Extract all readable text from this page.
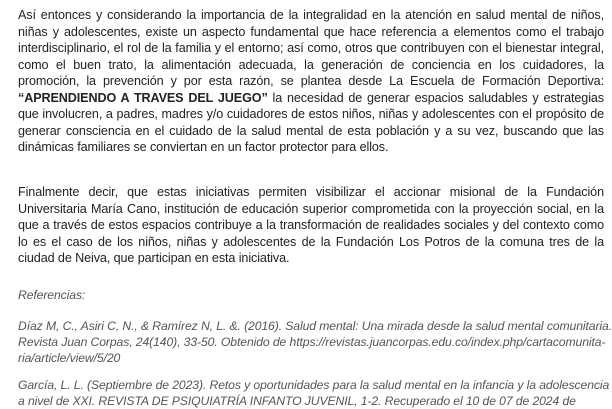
Así entonces y considerando la importancia de la integralidad en la atención en salud mental de niños, niñas y adolescentes, existe un aspecto fundamental que hace referencia a elementos como el trabajo interdisciplinario, el rol de la familia y el entorno; así como, otros que contribuyen con el bienestar integral, como el buen trato, la alimentación adecuada, la generación de conciencia en los cuidadores, la promoción, la prevención y por esta razón, se plantea desde La Escuela de Formación Deportiva: “APRENDIENDO A TRAVES DEL JUEGO” la necesidad de generar espacios saludables y estrategias que involucren, a padres, madres y/o cuidadores de estos niños, niñas y adolescentes con el propósito de generar consciencia en el cuidado de la salud mental de esta población y a su vez, buscando que las dinámicas familiares se conviertan en un factor protector para ellos.

Finalmente decir, que estas iniciativas permiten visibilizar el accionar misional de la Fundación Universitaria María Cano, institución de educación superior comprometida con la proyección social, en la que a través de estos espacios contribuye a la transformación de realidades sociales y del contexto como lo es el caso de los niños, niñas y adolescentes de la Fundación Los Potros de la comuna tres de la ciudad de Neiva, que participan en esta iniciativa.

Referencias:

Díaz M, C., Asiri C, N., & Ramírez N, L. &. (2016). Salud mental: Una mirada desde la salud mental comunitaria.
Revista Juan Corpas, 24(140), 33-50. Obtenido de https://revistas.juancorpas.edu.co/index.php/cartacomunita-
ria/article/view/5/20

García, L. L. (Septiembre de 2023). Retos y oportunidades para la salud mental en la infancia y la adolescencia
a nivel de XXI. REVISTA DE PSIQUIATRÍA INFANTO JUVENIL, 1-2. Recuperado el 10 de 07 de 2024 de
